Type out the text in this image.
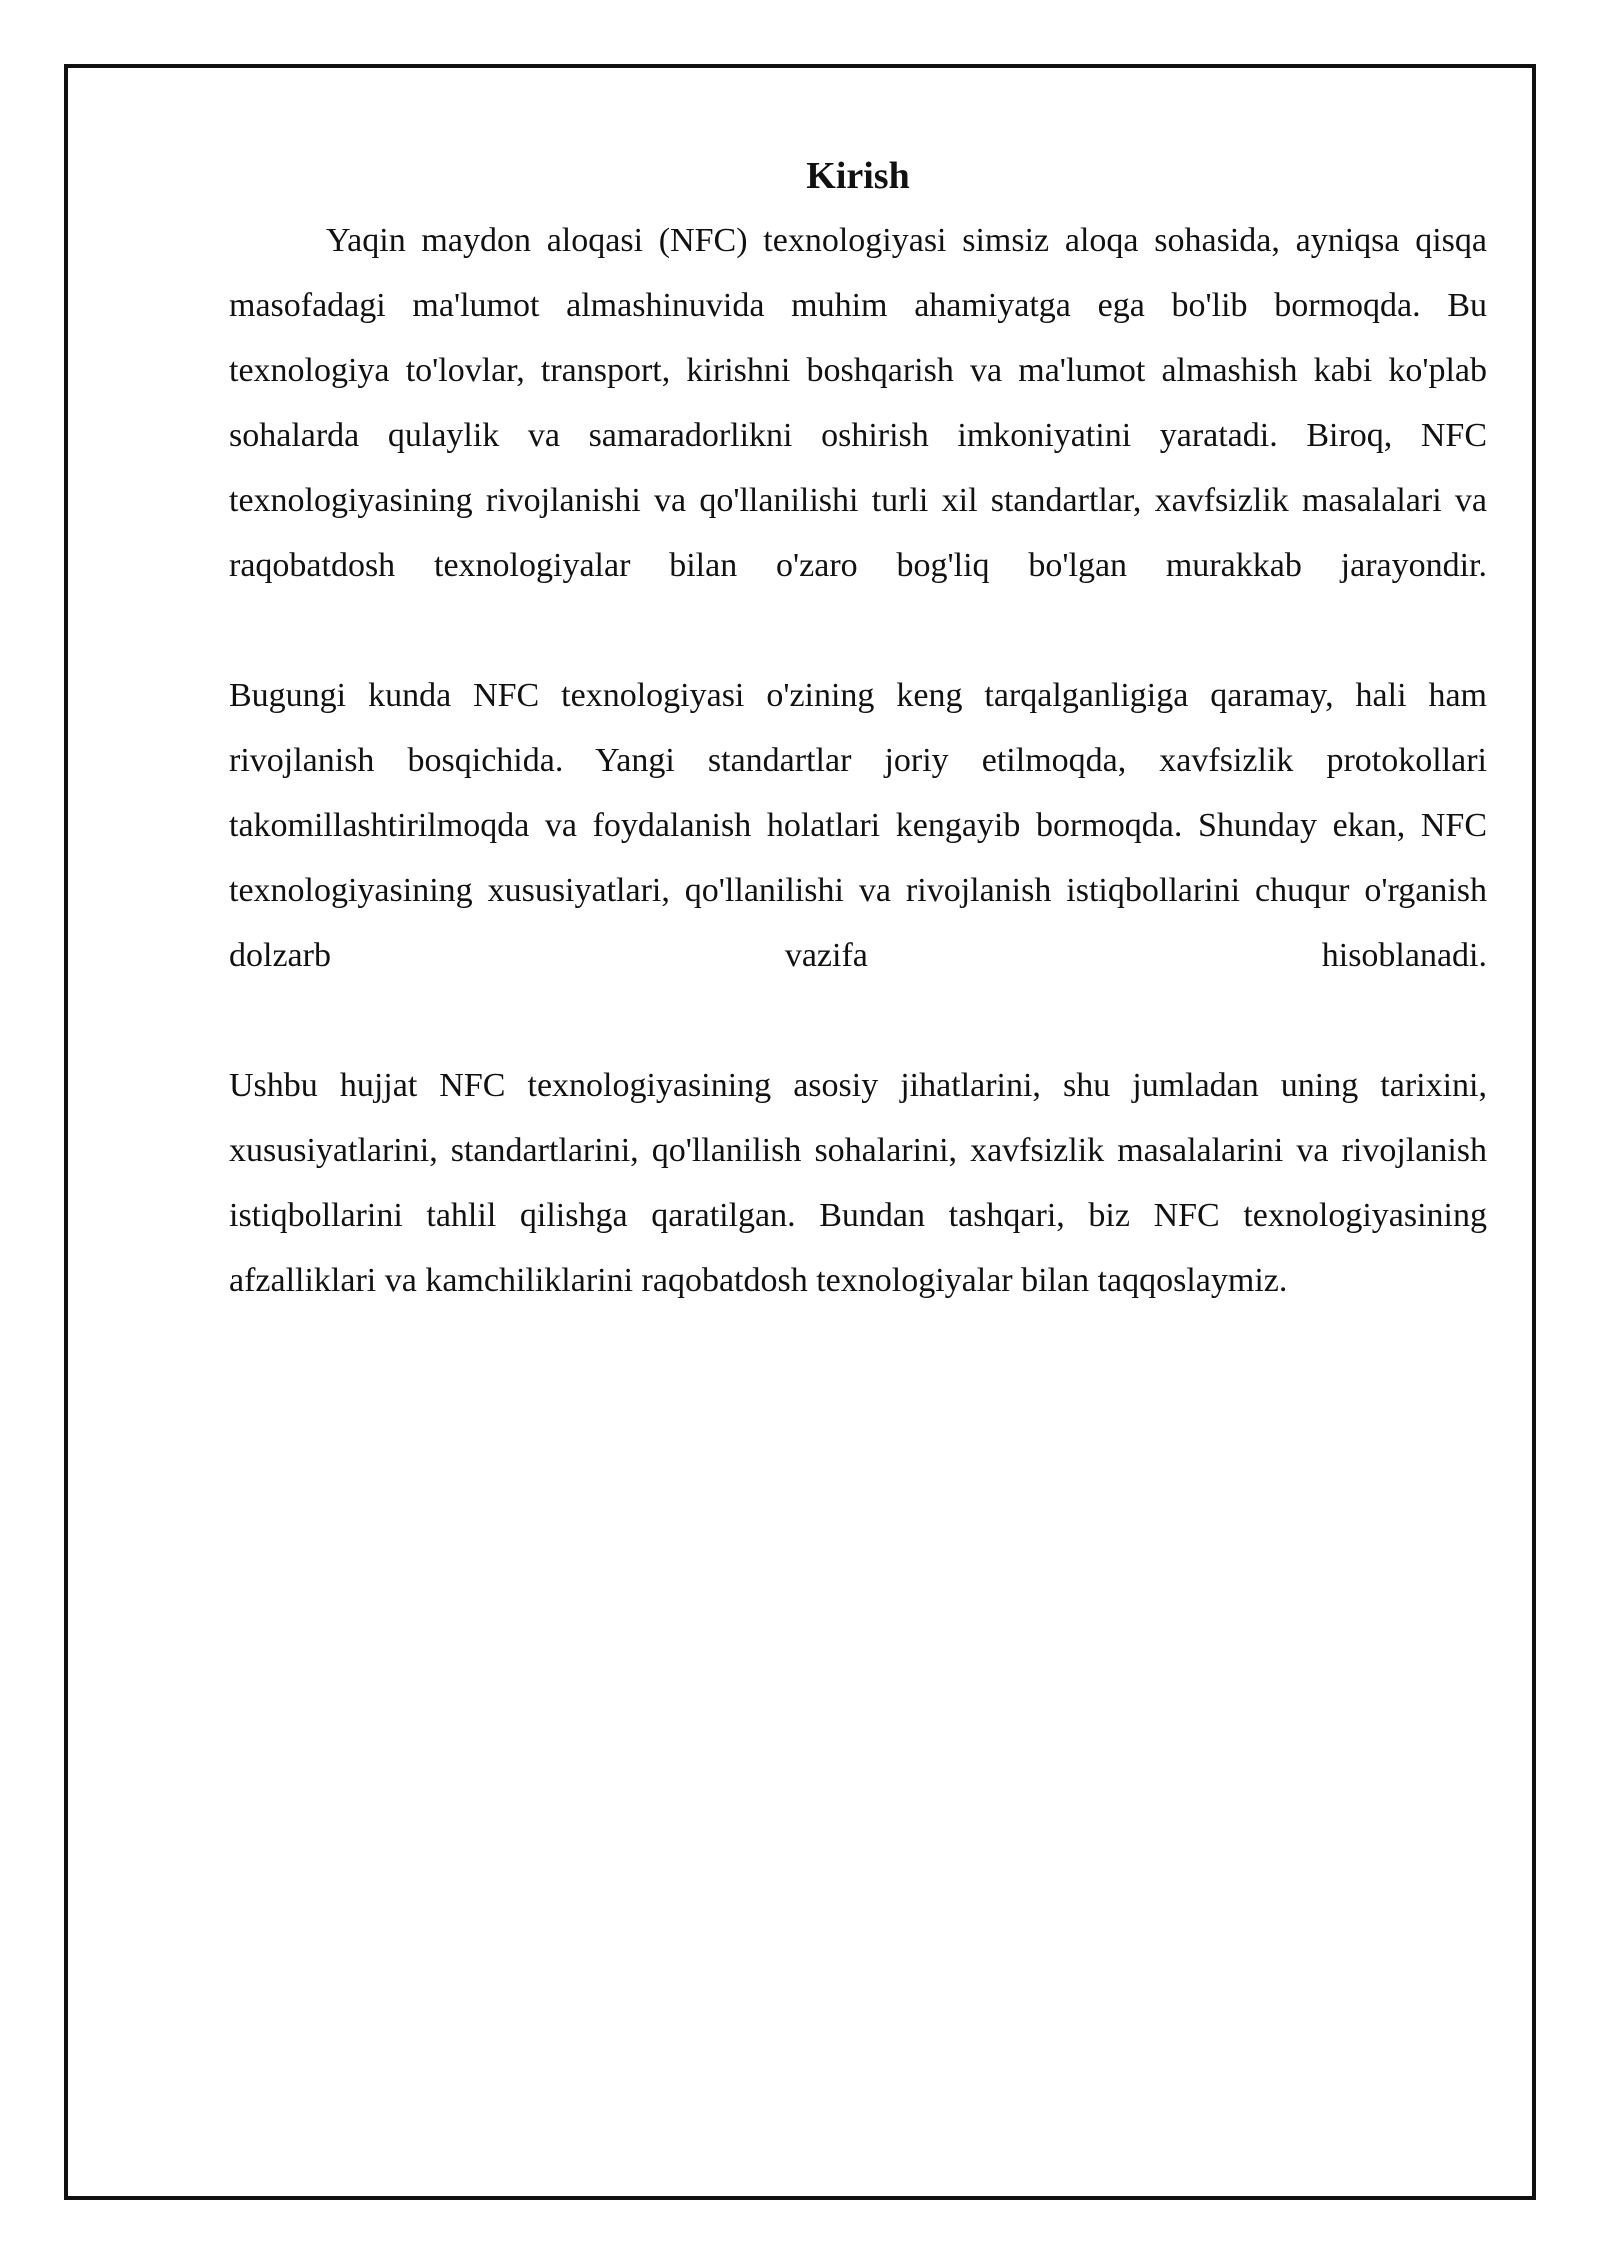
Kirish

Yaqin maydon aloqasi (NFC) texnologiyasi simsiz aloqa sohasida, ayniqsa qisqa masofadagi ma'lumot almashinuvida muhim ahamiyatga ega bo'lib bormoqda. Bu texnologiya to'lovlar, transport, kirishni boshqarish va ma'lumot almashish kabi ko'plab sohalarda qulaylik va samaradorlikni oshirish imkoniyatini yaratadi. Biroq, NFC texnologiyasining rivojlanishi va qo'llanilishi turli xil standartlar, xavfsizlik masalalari va raqobatdosh texnologiyalar bilan o'zaro bog'liq bo'lgan murakkab jarayondir.

Bugungi kunda NFC texnologiyasi o'zining keng tarqalganligiga qaramay, hali ham rivojlanish bosqichida. Yangi standartlar joriy etilmoqda, xavfsizlik protokollari takomillashtirilmoqda va foydalanish holatlari kengayib bormoqda. Shunday ekan, NFC texnologiyasining xususiyatlari, qo'llanilishi va rivojlanish istiqbollarini chuqur o'rganish dolzarb vazifa hisoblanadi.

Ushbu hujjat NFC texnologiyasining asosiy jihatlarini, shu jumladan uning tarixini, xususiyatlarini, standartlarini, qo'llanilish sohalarini, xavfsizlik masalalarini va rivojlanish istiqbollarini tahlil qilishga qaratilgan. Bundan tashqari, biz NFC texnologiyasining afzalliklari va kamchiliklarini raqobatdosh texnologiyalar bilan taqqoslaymiz.
